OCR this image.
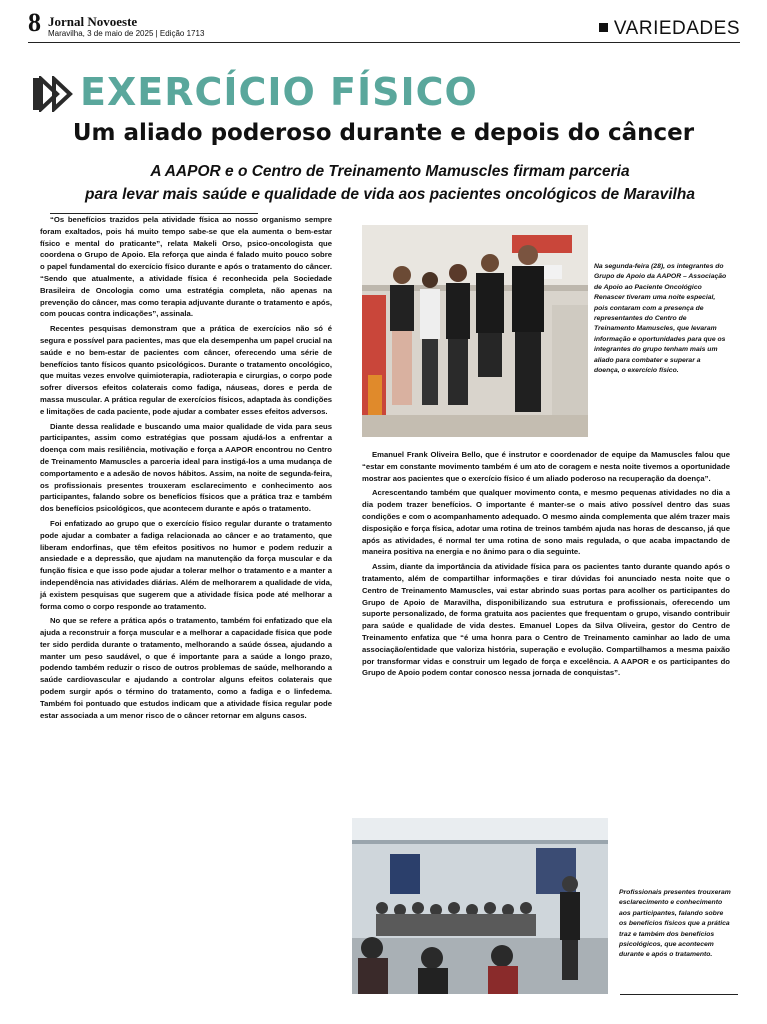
8 Jornal Novoeste
Maravilha, 3 de maio de 2025 | Edição 1713	VARIEDADES
EXERCÍCIO FÍSICO
Um aliado poderoso durante e depois do câncer
A AAPOR e o Centro de Treinamento Mamuscles firmam parceria
para levar mais saúde e qualidade de vida aos pacientes oncológicos de Maravilha

“Os benefícios trazidos pela atividade física ao nosso organismo sempre foram exaltados, pois há muito tempo sabe-se que ela aumenta o bem-estar físico e mental do praticante”, relata Makeli Orso, psico-oncologista que coordena o Grupo de Apoio. Ela reforça que ainda é falado muito pouco sobre o papel fundamental do exercício físico durante e após o tratamento do câncer. “Sendo que atualmente, a atividade física é reconhecida pela Sociedade Brasileira de Oncologia como uma estratégia completa, não apenas na prevenção do câncer, mas como terapia adjuvante durante o tratamento e após, com poucas contra indicações”, assinala.

Recentes pesquisas demonstram que a prática de exercícios não só é segura e possível para pacientes, mas que ela desempenha um papel crucial na saúde e no bem-estar de pacientes com câncer, oferecendo uma série de benefícios tanto físicos quanto psicológicos. Durante o tratamento oncológico, que muitas vezes envolve quimioterapia, radioterapia e cirurgias, o corpo pode sofrer diversos efeitos colaterais como fadiga, náuseas, dores e perda de massa muscular. A prática regular de exercícios físicos, adaptada às condições e limitações de cada paciente, pode ajudar a combater esses efeitos adversos.

Diante dessa realidade e buscando uma maior qualidade de vida para seus participantes, assim como estratégias que possam ajudá-los a enfrentar a doença com mais resiliência, motivação e força a AAPOR encontrou no Centro de Treinamento Mamuscles a parceria ideal para instigá-los a uma mudança de comportamento e a adesão de novos hábitos. Assim, na noite de segunda-feira, os profissionais presentes trouxeram esclarecimento e conhecimento aos participantes, falando sobre os benefícios físicos que a prática traz e também dos benefícios psicológicos, que acontecem durante e após o tratamento.

Foi enfatizado ao grupo que o exercício físico regular durante o tratamento pode ajudar a combater a fadiga relacionada ao câncer e ao tratamento, que liberam endorfinas, que têm efeitos positivos no humor e podem reduzir a ansiedade e a depressão, que ajudam na manutenção da força muscular e da função física e que isso pode ajudar a tolerar melhor o tratamento e a manter a independência nas atividades diárias. Além de melhorarem a qualidade de vida, já existem pesquisas que sugerem que a atividade física pode até melhorar a forma como o corpo responde ao tratamento.

No que se refere a prática após o tratamento, também foi enfatizado que ela ajuda a reconstruir a força muscular e a melhorar a capacidade física que pode ter sido perdida durante o tratamento, melhorando a saúde óssea, ajudando a manter um peso saudável, o que é importante para a saúde a longo prazo, podendo também reduzir o risco de outros problemas de saúde, melhorando a saúde cardiovascular e ajudando a controlar alguns efeitos colaterais que podem surgir após o término do tratamento, como a fadiga e o linfedema. Também foi pontuado que estudos indicam que a atividade física regular pode estar associada a um menor risco de o câncer retornar em alguns casos.

Na segunda-feira (28), os integrantes do Grupo de Apoio da AAPOR – Associação de Apoio ao Paciente Oncológico Renascer tiveram uma noite especial, pois contaram com a presença de representantes do Centro de Treinamento Mamuscles, que levaram informação e oportunidades para que os integrantes do grupo tenham mais um aliado para combater e superar a doença, o exercício físico.

Emanuel Frank Oliveira Bello, que é instrutor e coordenador de equipe da Mamuscles falou que “estar em constante movimento também é um ato de coragem e nesta noite tivemos a oportunidade mostrar aos pacientes que o exercício físico é um aliado poderoso na recuperação da doença”.

Acrescentando também que qualquer movimento conta, e mesmo pequenas atividades no dia a dia podem trazer benefícios. O importante é manter-se o mais ativo possível dentro das suas condições e com o acompanhamento adequado. O mesmo ainda complementa que além trazer mais disposição e força física, adotar uma rotina de treinos também ajuda nas horas de descanso, já que após as atividades, é normal ter uma rotina de sono mais regulada, o que acaba impactando de maneira positiva na energia e no ânimo para o dia seguinte.

Assim, diante da importância da atividade física para os pacientes tanto durante quando após o tratamento, além de compartilhar informações e tirar dúvidas foi anunciado nesta noite que o Centro de Treinamento Mamuscles, vai estar abrindo suas portas para acolher os participantes do Grupo de Apoio de Maravilha, disponibilizando sua estrutura e profissionais, oferecendo um suporte personalizado, de forma gratuita aos pacientes que frequentam o grupo, visando contribuir para saúde e qualidade de vida destes. Emanuel Lopes da Silva Oliveira, gestor do Centro de Treinamento enfatiza que “é uma honra para o Centro de Treinamento caminhar ao lado de uma associação/entidade que valoriza história, superação e evolução. Compartilhamos a mesma paixão por transformar vidas e construir um legado de força e excelência. A AAPOR e os participantes do Grupo de Apoio podem contar conosco nessa jornada de conquistas”.

Profissionais presentes trouxeram esclarecimento e conhecimento aos participantes, falando sobre os benefícios físicos que a prática traz e também dos benefícios psicológicos, que acontecem durante e após o tratamento.
